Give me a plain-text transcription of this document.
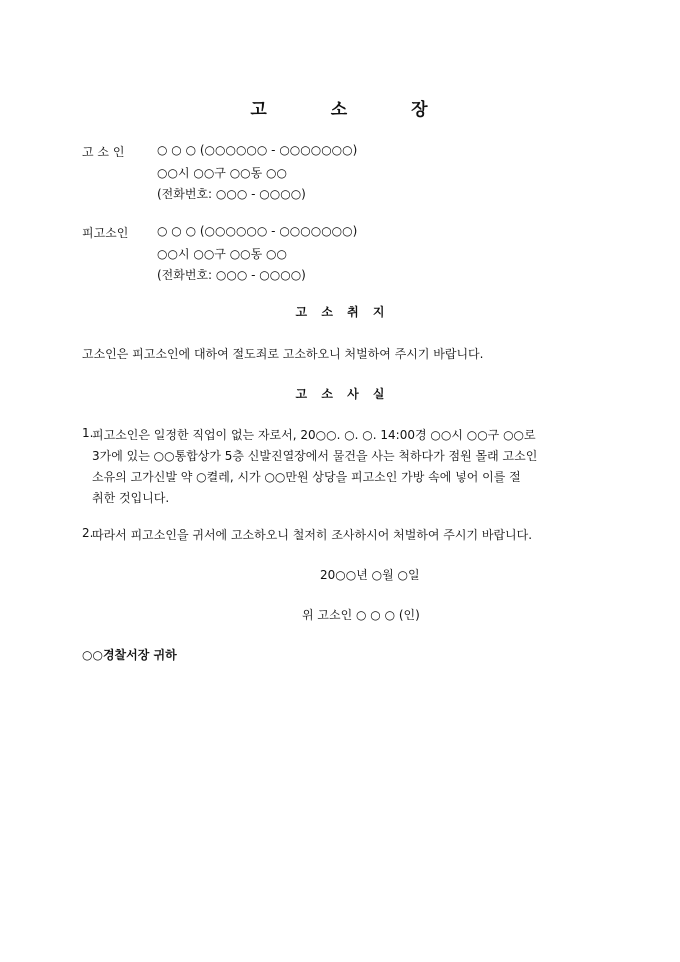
고	소	장
고 소 인	○ ○ ○ (○○○○○○ - ○○○○○○○)
○○시 ○○구 ○○동 ○○
(전화번호: ○○○ - ○○○○)
피고소인	○ ○ ○ (○○○○○○ - ○○○○○○○)
○○시 ○○구 ○○동 ○○
(전화번호: ○○○ - ○○○○)
고 소 취 지
고소인은 피고소인에 대하여 절도죄로 고소하오니 처벌하여 주시기 바랍니다.
고 소 사 실
1.
피고소인은 일정한 직업이 없는 자로서, 20○○. ○. ○. 14:00경 ○○시 ○○구 ○○로
3가에 있는 ○○통합상가 5층 신발진열장에서 물건을 사는 척하다가 점원 몰래 고소인
소유의 고가신발 약 ○켤레, 시가 ○○만원 상당을 피고소인 가방 속에 넣어 이를 절
취한 것입니다.
2.
따라서 피고소인을 귀서에 고소하오니 철저히 조사하시어 처벌하여 주시기 바랍니다.
20○○년 ○월 ○일
위 고소인 ○ ○ ○ (인)
○○경찰서장 귀하
